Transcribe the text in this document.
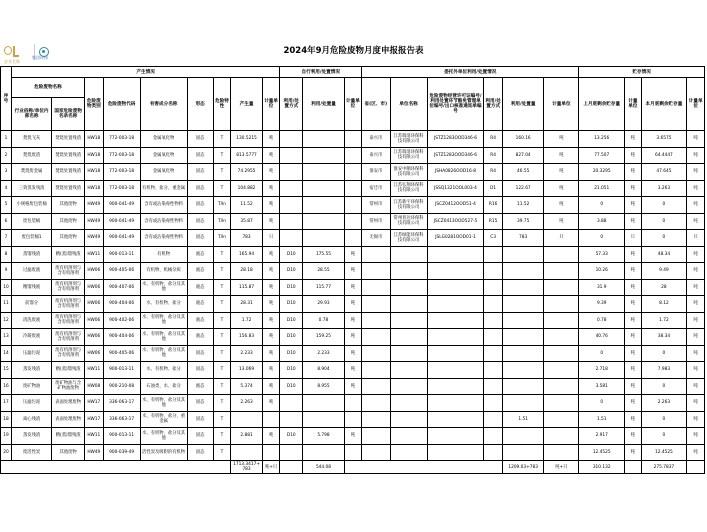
企业名称
集团环保
2024年9月危险废物月度申报报告表
序号	产生情况									自行利用/处置情况			委托外单位利用/处置情况						贮存情况			
	危险废物名称		危险废物类别	危险废物代码	有害成分名称	形态	危险特性	产生量	计量单位	利用/处置方式	利用/处置量	计量单位	省(区、市)	单位名称	危险废物经营许可证编号/利用处置环节豁免管理单位编号/出口核准通知单编号	利用/处置方式	利用/处置量	计量单位	上月底剩余贮存量	计量单位	本月底剩余贮存量	计量单位
	行业俗称/单位内部名称	国家危险废物名录名称																				
1	焚烧飞灰	焚烧处置残渣	HW18	772-003-18	金属氧化物	固态	T	130.5215	吨				泰兴市	江苏瑞清环保科技有限公司	JSTZ1283OOD346-6	R4	160.16	吨	13.256	吨	3.6575	吨
2	焚烧废渣	焚烧处置残渣	HW18	772-003-18	金属氧化物	固态	T	813.5777	吨				泰兴市	江苏瑞清环保科技有限公司	JSTZ1283OOD346-6	R4	827.04	吨	77.507	吨	64.4447	吨
3	焚烧废金属	焚烧处置残渣	HW18	772-003-18	金属氧化物	固态	T	74.2955	吨				淮安市	淮安中顺环保科技有限公司	JSHA0826OOD16-8	R4	46.55	吨	20.3295	吨	47.645	吨
4	三效蒸发残渣	焚烧处置残渣	HW18	772-003-18	有机物、盐分、重金属	固态	T	104.882	吨				宿迁市	江苏弘翔环保科技有限公司	JSSQ1321OOL003-4	D1	122.67	吨	21.051	吨	3.263	吨
5	小规格废包装桶	其他废物	HW49	900-041-49	含有或沾染毒性物料	固态	T/In	11.52	吨				常州市	江苏新宇环保科技有限公司	JSCZ0412OOD51-4	R16	11.52	吨	0	吨	0	吨
6	废包装桶	其他废物	HW49	900-041-49	含有或沾染毒性物料	固态	T/In	35.87	吨				常州市	常州普达环保科技有限公司	JSCZ0413OOD527-5	R15	39.75	吨	3.88	吨	0	吨
7	废包装桶1	其他废物	HW49	900-041-49	含有或沾染毒性物料	固态	T/In	783	只				无锡市	江苏绿能环保科技有限公司	JSLG0281OOD01-1	C3	783	只	0	只	0	只
8	蒸馏残渣	精(蒸)馏残渣	HW11	900-013-11	有机物	液态	T	165.94	吨	D10	175.55	吨							57.33	吨	48.34	吨
9	过滤废液	废有机溶剂与含有机溶剂	HW06	900-405-06	有机物、机械杂质	液态	T	28.18	吨	D10	28.55	吨							10.26	吨	9.49	吨
10	精馏残液	废有机溶剂与含有机溶剂	HW06	900-407-06	水、有机物、盐分及其他	液态	T	115.87	吨	D10	115.77	吨							31.9	吨	28	吨
11	前馏分	废有机溶剂与含有机溶剂	HW06	900-404-06	水、有机物、盐分	液态	T	28.31	吨	D10	29.93	吨							9.39	吨	8.12	吨
12	清洗废液	废有机溶剂与含有机溶剂	HW06	900-402-06	水、有机物、盐分及其他	液态	T	1.72	吨	D10	0.78	吨							0.78	吨	1.72	吨
13	冷凝废液	废有机溶剂与含有机溶剂	HW06	900-404-06	水、有机物、盐分及其他	液态	T	156.83	吨	D10	159.25	吨							40.76	吨	38.34	吨
14	压滤污泥	废有机溶剂与含有机溶剂	HW06	900-405-06	水、有机物、盐分及其他	固态	T	2.233	吨	D10	2.233	吨							0	吨	0	吨
15	蒸发残渣	精(蒸)馏残渣	HW11	900-013-11	水、有机物、盐分	固态	T	13.069	吨	D10	8.904	吨							2.718	吨	7.983	吨
16	废矿物油	废矿物油与含矿物油废物	HW08	900-210-08	石油类、水、盐分	液态	T	5.374	吨	D10	8.955	吨							3.581	吨	0	吨
17	压滤污泥	表面处理废物	HW17	336-063-17	水、有机物、盐分及其他	固态	T	2.263	吨										0	吨	2.263	吨
18	离心残渣	表面处理废物	HW17	336-063-17	水、有机物、盐分、重金属	固态	T										1.51		1.51	吨	0	吨
19	蒸发残渣	精(蒸)馏残渣	HW11	900-013-11	水、有机物、盐分及其他	固态	T	2.881	吨	D10	5.798	吨							2.917	吨	0	吨
20	废活性炭	其他废物	HW49	900-039-49	活性炭及吸附的有机物	固态	T												12.4525	吨	12.4525	吨
								1713.3417+783	吨+只		544.08						1209.03+783	吨+只	310.132		275.7837	
